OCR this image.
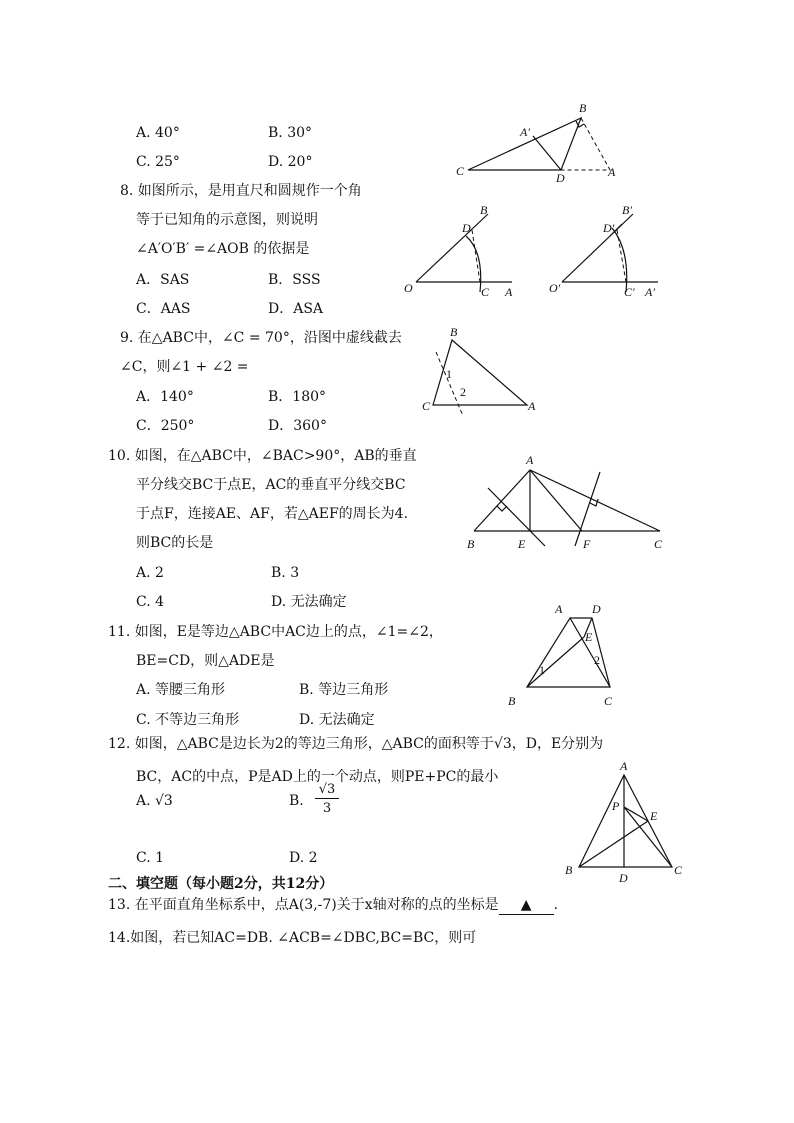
A. 40°	B. 30°
C. 25°	D. 20°
B
A′
C	D	A
8. 如图所示，是用直尺和圆规作一个角
等于已知角的示意图，则说明
∠A′O′B′ =∠AOB 的依据是
A．SAS	B．SSS
C．AAS	D．ASA
B
D
O	C A
B′
D′
O′	C′ A′
9. 在△ABC中，∠C = 70°，沿图中虚线截去
∠C，则∠1 + ∠2 =
A．140°	B．180°
C．250°	D．360°
B
1
2
C	A
10. 如图，在△ABC中，∠BAC>90°，AB的垂直
平分线交BC于点E，AC的垂直平分线交BC
于点F，连接AE、AF，若△AEF的周长为4.
则BC的长是
A. 2	B. 3
C. 4	D. 无法确定
A
B	E	F	C
11. 如图，E是等边△ABC中AC边上的点，∠1=∠2，
BE=CD，则△ADE是
A. 等腰三角形	B. 等边三角形
C. 不等边三角形	D. 无法确定
A D
E
1
2
B	C
12. 如图，△ABC是边长为2的等边三角形，△ABC的面积等于√3，D，E分别为
BC，AC的中点，P是AD上的一个动点，则PE+PC的最小
A. √3	B. $\frac{√3}{3}$
C. 1	D. 2
A
P
E
B
D
C
二、填空题（每小题2分，共12分）
13. 在平面直角坐标系中，点A(3,-7)关于x轴对称的点的坐标是 ▲ .
14.如图，若已知AC=DB. ∠ACB=∠DBC,BC=BC，则可
